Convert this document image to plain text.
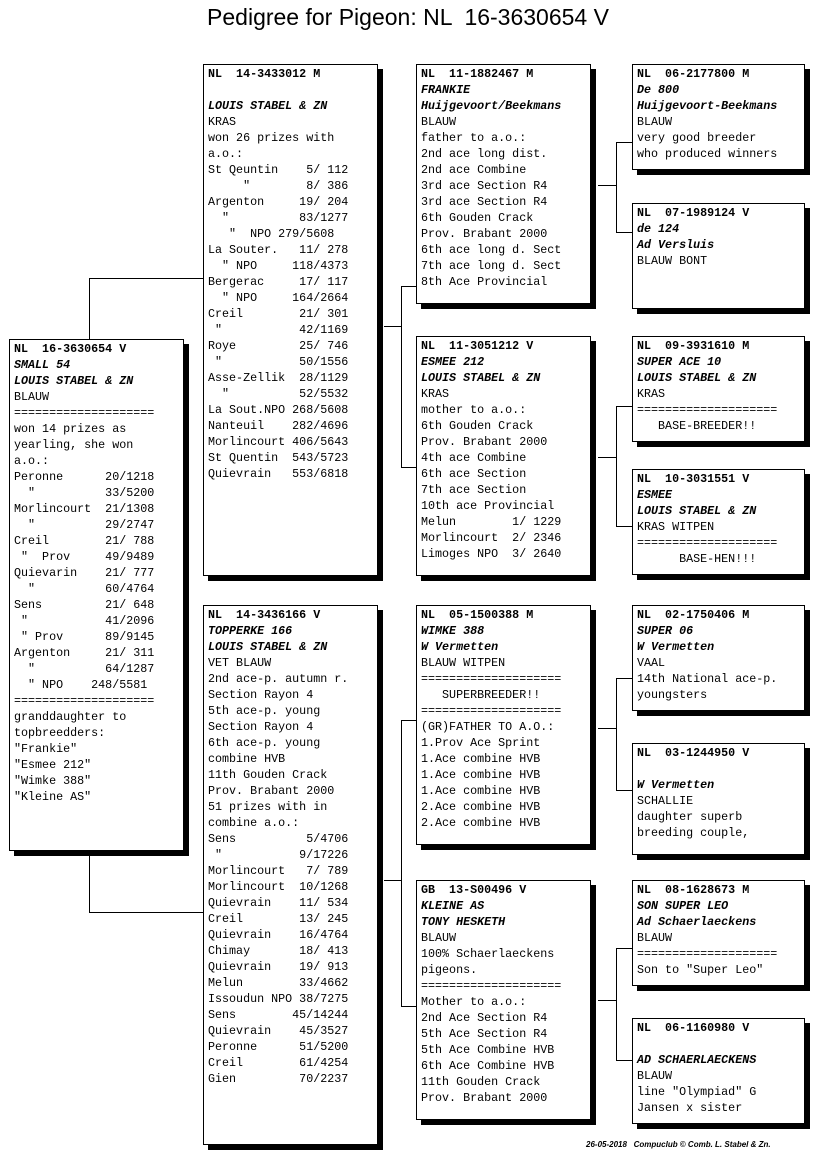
Pedigree for Pigeon: NL  16-3630654 V
NL  16-3630654 V
SMALL 54
LOUIS STABEL & ZN
BLAUW
====================
won 14 prizes as
yearling, she won
a.o.:
Peronne      20/1218
"          33/5200
Morlincourt  21/1308
"          29/2747
Creil        21/ 788
"  Prov     49/9489
Quievarin    21/ 777
"          60/4764
Sens         21/ 648
"           41/2096
" Prov      89/9145
Argenton     21/ 311
"          64/1287
" NPO    248/5581
====================
granddaughter to
topbreedders:
"Frankie"
"Esmee 212"
"Wimke 388"
"Kleine AS"
NL  14-3433012 M
LOUIS STABEL & ZN
KRAS
won 26 prizes with
a.o.:
St Qeuntin    5/ 112
"        8/ 386
Argenton     19/ 204
"          83/1277
"  NPO 279/5608
La Souter.   11/ 278
" NPO     118/4373
Bergerac     17/ 117
" NPO     164/2664
Creil        21/ 301
"           42/1169
Roye         25/ 746
"           50/1556
Asse-Zellik  28/1129
"          52/5532
La Sout.NPO 268/5608
Nanteuil    282/4696
Morlincourt 406/5643
St Quentin  543/5723
Quievrain   553/6818
NL  14-3436166 V
TOPPERKE 166
LOUIS STABEL & ZN
VET BLAUW
2nd ace-p. autumn r.
Section Rayon 4
5th ace-p. young
Section Rayon 4
6th ace-p. young
combine HVB
11th Gouden Crack
Prov. Brabant 2000
51 prizes with in
combine a.o.:
Sens          5/4706
"           9/17226
Morlincourt   7/ 789
Morlincourt  10/1268
Quievrain    11/ 534
Creil        13/ 245
Quievrain    16/4764
Chimay       18/ 413
Quievrain    19/ 913
Melun        33/4662
Issoudun NPO 38/7275
Sens        45/14244
Quievrain    45/3527
Peronne      51/5200
Creil        61/4254
Gien         70/2237
NL  11-1882467 M
FRANKIE
Huijgevoort/Beekmans
BLAUW
father to a.o.:
2nd ace long dist.
2nd ace Combine
3rd ace Section R4
3rd ace Section R4
6th Gouden Crack
Prov. Brabant 2000
6th ace long d. Sect
7th ace long d. Sect
8th Ace Provincial
NL  11-3051212 V
ESMEE 212
LOUIS STABEL & ZN
KRAS
mother to a.o.:
6th Gouden Crack
Prov. Brabant 2000
4th ace Combine
6th ace Section
7th ace Section
10th ace Provincial
Melun        1/ 1229
Morlincourt  2/ 2346
Limoges NPO  3/ 2640
NL  05-1500388 M
WIMKE 388
W Vermetten
BLAUW WITPEN
====================
SUPERBREEDER!!
====================
(GR)FATHER TO A.O.:
1.Prov Ace Sprint
1.Ace combine HVB
1.Ace combine HVB
1.Ace combine HVB
2.Ace combine HVB
2.Ace combine HVB
GB  13-S00496 V
KLEINE AS
TONY HESKETH
BLAUW
100% Schaerlaeckens
pigeons.
====================
Mother to a.o.:
2nd Ace Section R4
5th Ace Section R4
5th Ace Combine HVB
6th Ace Combine HVB
11th Gouden Crack
Prov. Brabant 2000
NL  06-2177800 M
De 800
Huijgevoort-Beekmans
BLAUW
very good breeder
who produced winners
NL  07-1989124 V
de 124
Ad Versluis
BLAUW BONT
NL  09-3931610 M
SUPER ACE 10
LOUIS STABEL & ZN
KRAS
====================
BASE-BREEDER!!
NL  10-3031551 V
ESMEE
LOUIS STABEL & ZN
KRAS WITPEN
====================
BASE-HEN!!!
NL  02-1750406 M
SUPER 06
W Vermetten
VAAL
14th National ace-p.
youngsters
NL  03-1244950 V
W Vermetten
SCHALLIE
daughter superb
breeding couple,
NL  08-1628673 M
SON SUPER LEO
Ad Schaerlaeckens
BLAUW
====================
Son to "Super Leo"
NL  06-1160980 V
AD SCHAERLAECKENS
BLAUW
line "Olympiad" G
Jansen x sister
26-05-2018   Compuclub © Comb. L. Stabel & Zn.
